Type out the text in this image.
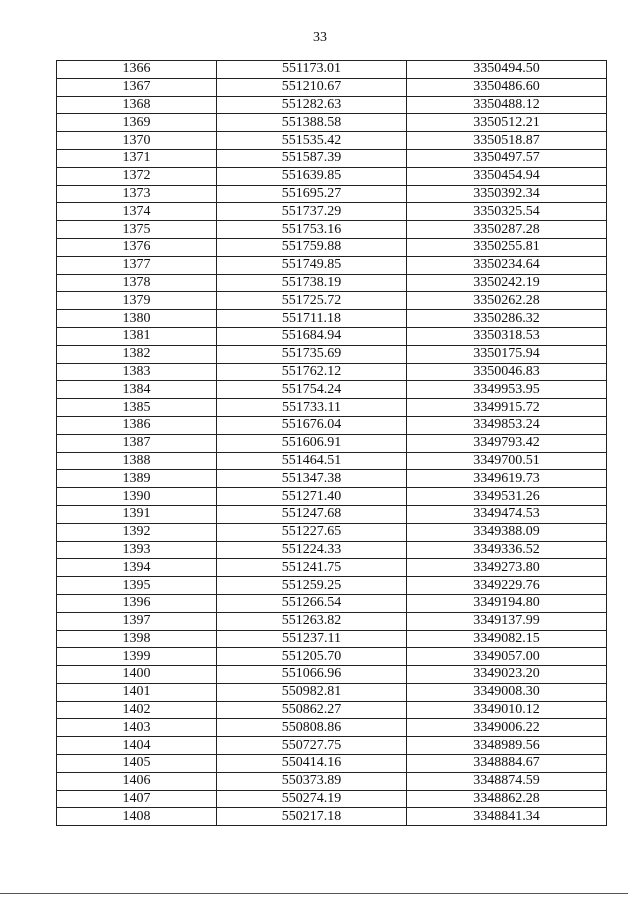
33
1366	551173.01	3350494.50
1367	551210.67	3350486.60
1368	551282.63	3350488.12
1369	551388.58	3350512.21
1370	551535.42	3350518.87
1371	551587.39	3350497.57
1372	551639.85	3350454.94
1373	551695.27	3350392.34
1374	551737.29	3350325.54
1375	551753.16	3350287.28
1376	551759.88	3350255.81
1377	551749.85	3350234.64
1378	551738.19	3350242.19
1379	551725.72	3350262.28
1380	551711.18	3350286.32
1381	551684.94	3350318.53
1382	551735.69	3350175.94
1383	551762.12	3350046.83
1384	551754.24	3349953.95
1385	551733.11	3349915.72
1386	551676.04	3349853.24
1387	551606.91	3349793.42
1388	551464.51	3349700.51
1389	551347.38	3349619.73
1390	551271.40	3349531.26
1391	551247.68	3349474.53
1392	551227.65	3349388.09
1393	551224.33	3349336.52
1394	551241.75	3349273.80
1395	551259.25	3349229.76
1396	551266.54	3349194.80
1397	551263.82	3349137.99
1398	551237.11	3349082.15
1399	551205.70	3349057.00
1400	551066.96	3349023.20
1401	550982.81	3349008.30
1402	550862.27	3349010.12
1403	550808.86	3349006.22
1404	550727.75	3348989.56
1405	550414.16	3348884.67
1406	550373.89	3348874.59
1407	550274.19	3348862.28
1408	550217.18	3348841.34
